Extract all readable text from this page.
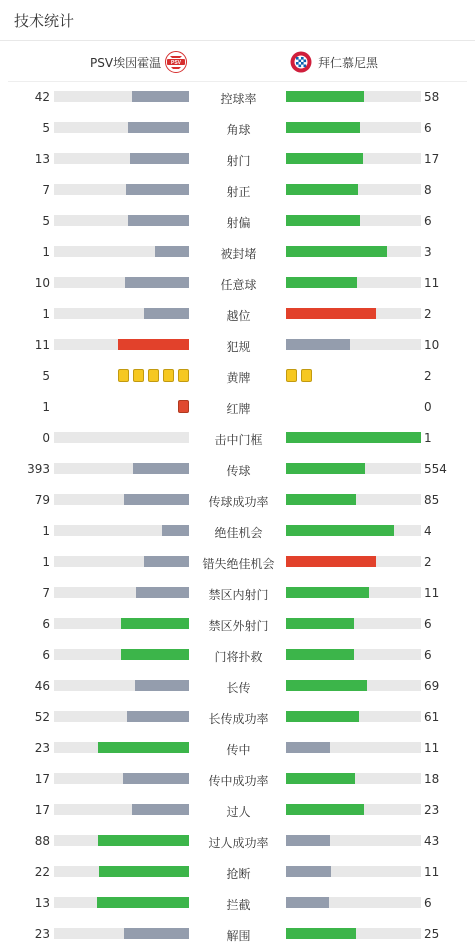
技术统计
PSV埃因霍温 PSV	拜仁慕尼黑
42	控球率	58
5	角球	6
13	射门	17
7	射正	8
5	射偏	6
1	被封堵	3
10	任意球	11
1	越位	2
11	犯规	10
5	黄牌	2
1	红牌	0
0	击中门框	1
393	传球	554
79	传球成功率	85
1	绝佳机会	4
1	错失绝佳机会	2
7	禁区内射门	11
6	禁区外射门	6
6	门将扑救	6
46	长传	69
52	长传成功率	61
23	传中	11
17	传中成功率	18
17	过人	23
88	过人成功率	43
22	抢断	11
13	拦截	6
23	解围	25
